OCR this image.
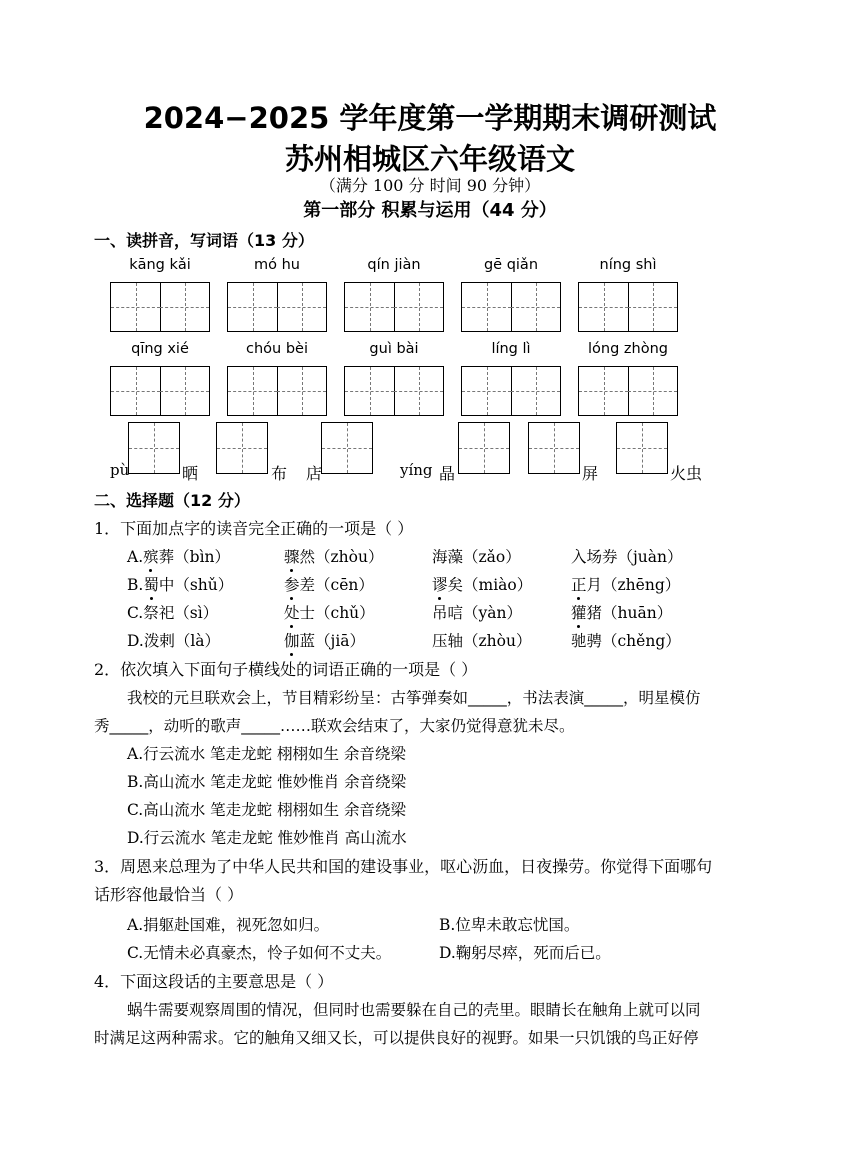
2024−2025 学年度第一学期期末调研测试
苏州相城区六年级语文
（满分 100 分 时间 90 分钟）
第一部分 积累与运用（44 分）
一、读拼音，写词语（13 分）
kāng kǎi	mó hu	qín jiàn	gē qiǎn	níng shì
qīng xié	chóu bèi	guì bài	líng lì	lóng zhòng
pù	晒	布 店	yíng 晶	屏	火虫
二、选择题（12 分）
1．下面加点字的读音完全正确的一项是（ ）
A.殡葬（bìn）	骤然（zhòu）	海藻（zǎo）	入场券（juàn）
B.蜀中（shǔ）	参差（cēn）	谬矣（miào）	正月（zhēng）
C.祭祀（sì）	处士（chǔ）	吊唁（yàn）	獾猪（huān）
D.泼剌（là）	伽蓝（jiā）	压轴（zhòu）	驰骋（chěng）
2．依次填入下面句子横线处的词语正确的一项是（ ）
我校的元旦联欢会上，节目精彩纷呈：古筝弹奏如_____，书法表演_____，明星模仿
秀_____，动听的歌声_____……联欢会结束了，大家仍觉得意犹未尽。
A.行云流水 笔走龙蛇 栩栩如生 余音绕梁
B.高山流水 笔走龙蛇 惟妙惟肖 余音绕梁
C.高山流水 笔走龙蛇 栩栩如生 余音绕梁
D.行云流水 笔走龙蛇 惟妙惟肖 高山流水
3．周恩来总理为了中华人民共和国的建设事业，呕心沥血，日夜操劳。你觉得下面哪句
话形容他最恰当（ ）
A.捐躯赴国难，视死忽如归。	B.位卑未敢忘忧国。
C.无情未必真豪杰，怜子如何不丈夫。	D.鞠躬尽瘁，死而后已。
4．下面这段话的主要意思是（ ）
蜗牛需要观察周围的情况，但同时也需要躲在自己的壳里。眼睛长在触角上就可以同
时满足这两种需求。它的触角又细又长，可以提供良好的视野。如果一只饥饿的鸟正好停
